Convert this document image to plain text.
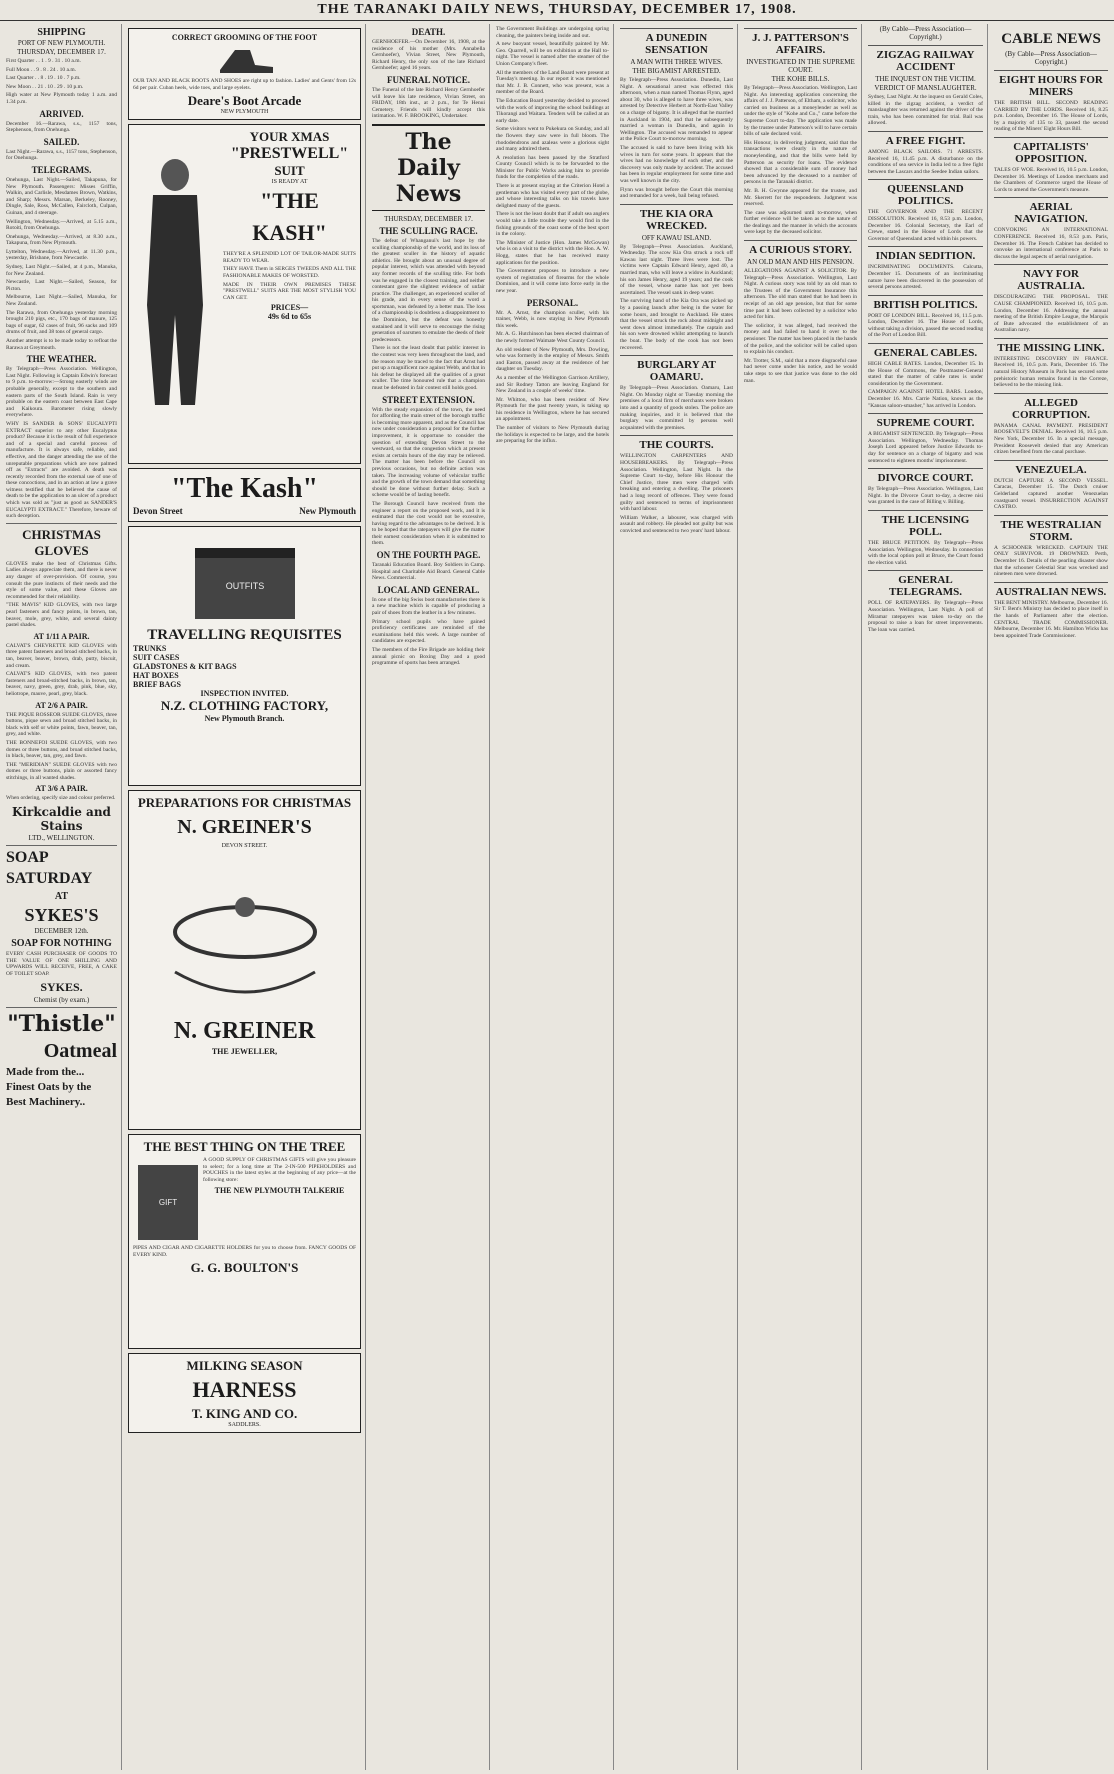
THE TARANAKI DAILY NEWS, THURSDAY, DECEMBER 17, 1908.
SHIPPING
PORT OF NEW PLYMOUTH.
THURSDAY, DECEMBER 17.

First Quarter . . 1 . 9 . 31 . 10 a.m.

Full Moon . . 9 . 8 . 24 . 10 a.m.

Last Quarter . . 8 . 19 . 10 . 7 p.m.

New Moon . . 21 . 10 . 29 . 10 p.m.

High water at New Plymouth today 1 a.m. and 1.34 p.m.

ARRIVED.

December 16.—Rarawa, s.s., 1157 tons, Stephenson, from Onehunga.

SAILED.

Last Night.—Rarawa, s.s., 1157 tons, Stephenson, for Onehunga.

TELEGRAMS.

Onehunga, Last Night.—Sailed, Takapuna, for New Plymouth. Passengers: Misses Griffin, Walkin, and Carlisle, Mesdames Brown, Watkins, and Sharp; Messrs. Marsan, Berkeley, Rooney, Dingle, Sale, Ross, McCallen, Faircloth, Culpan, Guinan, and 4 steerage.

Wellington, Wednesday.—Arrived, at 5.15 a.m., Rotoiti, from Onehunga.

Onehunga, Wednesday.—Arrived, at 8.30 a.m., Takapuna, from New Plymouth.

Lyttelton, Wednesday.—Arrived, at 11.30 p.m., yesterday, Brisbane, from Newcastle.

Sydney, Last Night.—Sailed, at 4 p.m., Manuka, for New Zealand.

Newcastle, Last Night.—Sailed, Season, for Picton.

Melbourne, Last Night.—Sailed, Manuka, for New Zealand.

The Rarawa, from Onehunga yesterday morning brought 210 pigs, etc., 170 bags of manure, 125 bags of sugar, 62 cases of fruit, 96 sacks and 109 drums of fruit, and 38 tons of general cargo.

Another attempt is to be made today to refloat the Rarawa at Greymouth.

THE WEATHER.

By Telegraph—Press Association. Wellington, Last Night. Following is Captain Edwin's forecast to 9 p.m. to-morrow:—Strong easterly winds are probable generally, except to the southern and eastern parts of the South Island. Rain is very probable on the eastern coast between East Cape and Kaikoura. Barometer rising slowly everywhere.

WHY IS SANDER & SONS' EUCALYPTI EXTRACT superior to any other Eucalyptus product? Because it is the result of full experience and of a special and careful process of manufacture. It is always safe, reliable, and effective, and the danger attending the use of the unreputable preparations which are now palmed off as "Extracts" are avoided. A death was recently recorded from the external use of one of these concoctions, and in an action at law a grave witness testified that he believed the cause of death to be the application to an ulcer of a product which was sold as "just as good as SANDER'S EUCALYPTI EXTRACT." Therefore, beware of such deception.

CHRISTMAS GLOVES

GLOVES make the best of Christmas Gifts. Ladies always appreciate them, and there is never any danger of over-provision. Of course, you consult the pure instincts of their needs and the style of some value, and these Gloves are recommended for their reliability.

"THE MAVIS" KID GLOVES, with two large pearl fasteners and fancy points, in brown, tan, beaver, mole, grey, white, and several dainty pastel shades.

AT 1/11 A PAIR.

CALVAT'S CHEVRETTE KID GLOVES with three patent fasteners and broad stitched backs, in tan, beaver, beaver, brown, drab, putty, biscuit, and cream.

CALVAT'S KID GLOVES, with two patent fasteners and broad-stitched backs, in brown, tan, beaver, navy, green, grey, drab, pink, blue, sky, heliotrope, mauve, pearl, grey, black.

AT 2/6 A PAIR.

THE PIQUE ROSSEOR SUEDE GLOVES, three buttons, pique sewn and broad stitched backs, in black with self or white points, fawn, beaver, tan, grey, and white.

THE BONNEFOI SUEDE GLOVES, with two domes or three buttons, and broad stitched backs, in black, beaver, tan, grey, and fawn.

THE "MERIDIAN" SUEDE GLOVES with two domes or three buttons, plain or assorted fancy stitchings, in all wanted shades.

AT 3/6 A PAIR.

When ordering, specify size and colour preferred.

Kirkcaldie and Stains
LTD., WELLINGTON.
SOAP
SATURDAY
AT
SYKES'S
DECEMBER 12th.
SOAP FOR NOTHING

EVERY CASH PURCHASER OF GOODS TO THE VALUE OF ONE SHILLING AND UPWARDS WILL RECEIVE, FREE, A CAKE OF TOILET SOAP.

SYKES.
Chemist (by exam.)
"Thistle"
Oatmeal
Made from the...
Finest Oats by the
Best Machinery..
CORRECT GROOMING OF THE FOOT

OUR TAN AND BLACK BOOTS AND SHOES are right up to fashion. Ladies' and Gents' from 12s 6d per pair. Cuban heels, wide toes, and large eyelets.

Deare's Boot Arcade
NEW PLYMOUTH
YOUR XMAS
"PRESTWELL"
SUIT
IS READY AT
"THE KASH"

THEY'RE A SPLENDID LOT OF TAILOR-MADE SUITS READY TO WEAR.

THEY HAVE Them in SERGES TWEEDS AND ALL THE FASHIONABLE MAKES OF WORSTED.

MADE IN THEIR OWN PREMISES THESE "PRESTWELL" SUITS ARE THE MOST STYLISH YOU CAN GET.

PRICES—
49s 6d to 65s
"The Kash"
Devon Street	New Plymouth
OUTFITS
TRAVELLING REQUISITES
TRUNKS
SUIT CASES
GLADSTONES & KIT BAGS
HAT BOXES
BRIEF BAGS
INSPECTION INVITED.
N.Z. CLOTHING FACTORY,
New Plymouth Branch.
PREPARATIONS FOR CHRISTMAS
N. GREINER'S
DEVON STREET.
N. GREINER
THE JEWELLER,
THE BEST THING ON THE TREE
GIFT

A GOOD SUPPLY OF CHRISTMAS GIFTS will give you pleasure to select; for a long time at The 2-IN-500 PIPEHOLDERS and POUCHES in the latest styles at the beginning of any price—at the following store:

THE NEW PLYMOUTH TALKERIE

PIPES AND CIGAR AND CIGARETTE HOLDERS for you to choose from. FANCY GOODS OF EVERY KIND.

G. G. BOULTON'S
MILKING SEASON
HARNESS
T. KING AND CO.
SADDLERS.
DEATH.

GERNHOEFER.—On December 16, 1908, at the residence of his mother (Mrs. Annabella Gernhoefer), Vivian Street, New Plymouth, Richard Henry, the only son of the late Richard Gernhoefer; aged 16 years.

FUNERAL NOTICE.

The Funeral of the late Richard Henry Gernhoefer will leave his late residence, Vivian Street, on FRIDAY, 18th inst., at 2 p.m., for Te Henui Cemetery. Friends will kindly accept this intimation. W. F. BROOKING, Undertaker.

The Daily News
THURSDAY, DECEMBER 17.
THE SCULLING RACE.

The defeat of Whanganui's last hope by the sculling championship of the world, and its loss of the greatest sculler in the history of aquatic athletics. He brought about an unusual degree of popular interest, which was attended with beyond any former records of the sculling title. For both was he engaged in the closest training, and neither contestant gave the slightest evidence of unfair practice. The challenger, an experienced sculler of his grade, and in every sense of the word a sportsman, was defeated by a better man. The loss of a championship is doubtless a disappointment to the Dominion, but the defeat was honestly sustained and it will serve to encourage the rising generation of oarsmen to emulate the deeds of their predecessors.

There is not the least doubt that public interest in the contest was very keen throughout the land, and the reason may be traced to the fact that Arnst had put up a magnificent race against Webb, and that in his defeat he displayed all the qualities of a great sculler. The time honoured rule that a champion must be defeated in fair contest still holds good.

STREET EXTENSION.

With the steady expansion of the town, the need for affording the main street of the borough traffic is becoming more apparent, and as the Council has now under consideration a proposal for the further improvement, it is opportune to consider the question of extending Devon Street to the westward, so that the congestion which at present exists at certain hours of the day may be relieved. The matter has been before the Council on previous occasions, but no definite action was taken. The increasing volume of vehicular traffic and the growth of the town demand that something should be done without further delay. Such a scheme would be of lasting benefit.

The Borough Council have received from the engineer a report on the proposed work, and it is estimated that the cost would not be excessive, having regard to the advantages to be derived. It is to be hoped that the ratepayers will give the matter their earnest consideration when it is submitted to them.

ON THE FOURTH PAGE.

Taranaki Education Board. Boy Soldiers in Camp. Hospital and Charitable Aid Board. General Cable News. Commercial.

LOCAL AND GENERAL.

In one of the big Swiss boot manufactories there is a new machine which is capable of producing a pair of shoes from the leather in a few minutes.

Primary school pupils who have gained proficiency certificates are reminded of the examinations held this week. A large number of candidates are expected.

The members of the Fire Brigade are holding their annual picnic on Boxing Day and a good programme of sports has been arranged.

The Government Buildings are undergoing spring cleaning, the painters being inside and out.

A new buoyant vessel, beautifully painted by Mr. Geo. Quarrell, will be on exhibition at the Hall to-night. The vessel is named after the steamer of the Union Company's fleet.

All the members of the Land Board were present at Tuesday's meeting. In our report it was mentioned that Mr. J. B. Connett, who was present, was a member of the Board.

The Education Board yesterday decided to proceed with the work of improving the school buildings at Tikorangi and Waitara. Tenders will be called at an early date.

Some visitors went to Pukekura on Sunday, and all the flowers they saw were in full bloom. The rhododendrons and azaleas were a glorious sight and many admired them.

A resolution has been passed by the Stratford County Council which is to be forwarded to the Minister for Public Works asking him to provide funds for the completion of the roads.

There is at present staying at the Criterion Hotel a gentleman who has visited every part of the globe, and whose interesting talks on his travels have delighted many of the guests.

There is not the least doubt that if adult sea anglers would take a little trouble they would find in the fishing grounds of the coast some of the best sport in the colony.

The Minister of Justice (Hon. James McGowan) who is on a visit to the district with the Hon. A. W. Hogg, states that he has received many applications for the position.

The Government proposes to introduce a new system of registration of firearms for the whole Dominion, and it will come into force early in the new year.

PERSONAL.

Mr. A. Arnst, the champion sculler, with his trainer, Webb, is now staying in New Plymouth this week.

Mr. A. G. Hutchinson has been elected chairman of the newly formed Waimate West County Council.

An old resident of New Plymouth, Mrs. Dowling, who was formerly in the employ of Messrs. Smith and Easton, passed away at the residence of her daughter on Tuesday.

As a member of the Wellington Garrison Artillery, and Sir Rodney Tatton are leaving England for New Zealand in a couple of weeks' time.

Mr. Whitton, who has been resident of New Plymouth for the past twenty years, is taking up his residence in Wellington, where he has secured an appointment.

The number of visitors to New Plymouth during the holidays is expected to be large, and the hotels are preparing for the influx.

A DUNEDIN SENSATION
A MAN WITH THREE WIVES.
THE BIGAMIST ARRESTED.

By Telegraph—Press Association. Dunedin, Last Night. A sensational arrest was effected this afternoon, when a man named Thomas Flynn, aged about 30, who is alleged to have three wives, was arrested by Detective Herbert at North-East Valley on a charge of bigamy. It is alleged that he married in Auckland in 1904, and that he subsequently married a woman in Dunedin, and again in Wellington. The accused was remanded to appear at the Police Court to-morrow morning.

The accused is said to have been living with his wives in turn for some years. It appears that the wives had no knowledge of each other, and the discovery was only made by accident. The accused has been in regular employment for some time and was well known in the city.

Flynn was brought before the Court this morning and remanded for a week, bail being refused.

THE KIA ORA WRECKED.
OFF KAWAU ISLAND.

By Telegraph—Press Association. Auckland, Wednesday. The scow Kia Ora struck a rock off Kawau last night. Three lives were lost. The victims were Captain Edward Henry, aged 40, a married man, who will leave a widow in Auckland; his son James Henry, aged 19 years; and the cook of the vessel, whose name has not yet been ascertained. The vessel sank in deep water.

The surviving hand of the Kia Ora was picked up by a passing launch after being in the water for some hours, and brought to Auckland. He states that the vessel struck the rock about midnight and went down almost immediately. The captain and his son were drowned whilst attempting to launch the boat. The body of the cook has not been recovered.

BURGLARY AT OAMARU.

By Telegraph—Press Association. Oamaru, Last Night. On Monday night or Tuesday morning the premises of a local firm of merchants were broken into and a quantity of goods stolen. The police are making inquiries, and it is believed that the burglary was committed by persons well acquainted with the premises.

THE COURTS.

WELLINGTON CARPENTERS AND HOUSEBREAKERS. By Telegraph—Press Association. Wellington, Last Night. In the Supreme Court to-day, before His Honour the Chief Justice, three men were charged with breaking and entering a dwelling. The prisoners had a long record of offences. They were found guilty and sentenced to terms of imprisonment with hard labour.

William Walker, a labourer, was charged with assault and robbery. He pleaded not guilty but was convicted and sentenced to two years' hard labour.

J. J. PATTERSON'S AFFAIRS.
INVESTIGATED IN THE SUPREME COURT.
THE KOHE BILLS.

By Telegraph—Press Association. Wellington, Last Night. An interesting application concerning the affairs of J. J. Patterson, of Eltham, a solicitor, who carried on business as a moneylender as well as under the style of "Kohe and Co.," came before the Supreme Court to-day. The application was made by the trustee under Patterson's will to have certain bills of sale declared void.

His Honour, in delivering judgment, said that the transactions were clearly in the nature of moneylending, and that the bills were held by Patterson as security for loans. The evidence showed that a considerable sum of money had been advanced by the deceased to a number of persons in the Taranaki district.

Mr. B. H. Gwynne appeared for the trustee, and Mr. Skerrett for the respondents. Judgment was reserved.

The case was adjourned until to-morrow, when further evidence will be taken as to the nature of the dealings and the manner in which the accounts were kept by the deceased solicitor.

A CURIOUS STORY.
AN OLD MAN AND HIS PENSION.

ALLEGATIONS AGAINST A SOLICITOR. By Telegraph—Press Association. Wellington, Last Night. A curious story was told by an old man to the Trustees of the Government Insurance this afternoon. The old man stated that he had been in receipt of an old age pension, but that for some time past it had been collected by a solicitor who acted for him.

The solicitor, it was alleged, had received the money and had failed to hand it over to the pensioner. The matter has been placed in the hands of the police, and the solicitor will be called upon to explain his conduct.

Mr. Trotter, S.M., said that a more disgraceful case had never come under his notice, and he would take steps to see that justice was done to the old man.

(By Cable—Press Association—Copyright.)
ZIGZAG RAILWAY ACCIDENT
THE INQUEST ON THE VICTIM.
VERDICT OF MANSLAUGHTER.

Sydney, Last Night. At the inquest on Gerald Coles, killed in the zigzag accident, a verdict of manslaughter was returned against the driver of the train, who has been committed for trial. Bail was allowed.

A FREE FIGHT.

AMONG BLACK SAILORS. 71 ARRESTS. Received 16, 11.45 p.m. A disturbance on the conditions of sea service in India led to a free fight between the Lascars and the Seedee Indian sailors.

QUEENSLAND POLITICS.

THE GOVERNOR AND THE RECENT DISSOLUTION. Received 16, 8.53 p.m. London, December 16. Colonial Secretary, the Earl of Crewe, stated in the House of Lords that the Governor of Queensland acted within his powers.

INDIAN SEDITION.

INCRIMINATING DOCUMENTS. Calcutta, December 15. Documents of an incriminating nature have been discovered in the possession of several persons arrested.

BRITISH POLITICS.

PORT OF LONDON BILL. Received 16, 11.5 p.m. London, December 16. The House of Lords, without taking a division, passed the second reading of the Port of London Bill.

GENERAL CABLES.

HIGH CABLE RATES. London, December 15. In the House of Commons, the Postmaster-General stated that the matter of cable rates is under consideration by the Government.

CAMPAIGN AGAINST HOTEL BARS. London, December 16. Mrs. Carrie Nation, known as the "Kansas saloon-smasher," has arrived in London.

SUPREME COURT.

A BIGAMIST SENTENCED. By Telegraph—Press Association. Wellington, Wednesday. Thomas Joseph Lord appeared before Justice Edwards to-day for sentence on a charge of bigamy and was sentenced to eighteen months' imprisonment.

DIVORCE COURT.

By Telegraph—Press Association. Wellington, Last Night. In the Divorce Court to-day, a decree nisi was granted in the case of Billing v. Billing.

THE LICENSING POLL.

THE BRUCE PETITION. By Telegraph—Press Association. Wellington, Wednesday. In connection with the local option poll at Bruce, the Court found the election valid.

GENERAL TELEGRAMS.

POLL OF RATEPAYERS. By Telegraph—Press Association. Wellington, Last Night. A poll of Miramar ratepayers was taken to-day on the proposal to raise a loan for street improvements. The loan was carried.

CABLE NEWS
(By Cable—Press Association—Copyright.)
EIGHT HOURS FOR MINERS

THE BRITISH BILL. SECOND READING CARRIED BY THE LORDS. Received 16, 8.25 p.m. London, December 16. The House of Lords, by a majority of 135 to 33, passed the second reading of the Miners' Eight Hours Bill.

CAPITALISTS' OPPOSITION.

TALES OF WOE. Received 16, 10.5 p.m. London, December 16. Meetings of London merchants and the Chambers of Commerce urged the House of Lords to amend the Government's measure.

AERIAL NAVIGATION.

CONVOKING AN INTERNATIONAL CONFERENCE. Received 16, 8.53 p.m. Paris, December 16. The French Cabinet has decided to convoke an international conference at Paris to discuss the legal aspects of aerial navigation.

NAVY FOR AUSTRALIA.

DISCOURAGING THE PROPOSAL. THE CAUSE CHAMPIONED. Received 16, 10.5 p.m. London, December 16. Addressing the annual meeting of the British Empire League, the Marquis of Bute advocated the establishment of an Australian navy.

THE MISSING LINK.

INTERESTING DISCOVERY IN FRANCE. Received 16, 10.5 p.m. Paris, December 16. The natural History Museum in Paris has secured some prehistoric human remains found in the Correze, believed to be the missing link.

ALLEGED CORRUPTION.

PANAMA CANAL PAYMENT. PRESIDENT ROOSEVELT'S DENIAL. Received 16, 10.5 p.m. New York, December 16. In a special message, President Roosevelt denied that any American citizen benefited from the canal purchase.

VENEZUELA.

DUTCH CAPTURE A SECOND VESSEL. Caracas, December 15. The Dutch cruiser Gelderland captured another Venezuelan coastguard vessel. INSURRECTION AGAINST CASTRO.

THE WESTRALIAN STORM.

A SCHOONER WRECKED. CAPTAIN THE ONLY SURVIVOR. 19 DROWNED. Perth, December 16. Details of the pearling disaster show that the schooner Celestial Star was wrecked and nineteen men were drowned.

AUSTRALIAN NEWS.

THE BENT MINISTRY. Melbourne, December 16. Sir T. Bent's Ministry has decided to place itself in the hands of Parliament after the election. CENTRAL TRADE COMMISSIONER. Melbourne, December 16. Mr. Hamilton Wicks has been appointed Trade Commissioner.
